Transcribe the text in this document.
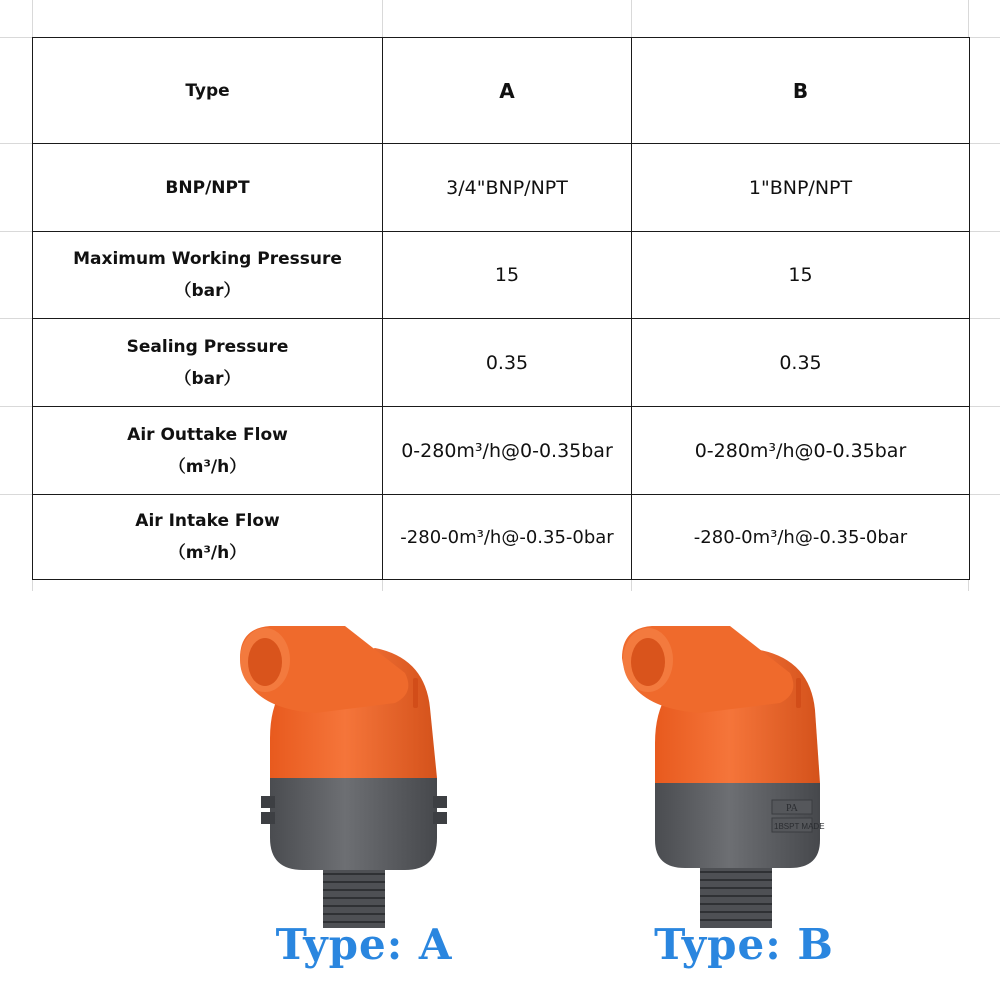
Type	A	B

BNP/NPT	3/4"BNP/NPT	1"BNP/NPT

Maximum Working Pressure
（bar）	15	15

Sealing Pressure
（bar）	0.35	0.35

Air Outtake Flow
（m³/h）	0-280m³/h@0-0.35bar	0-280m³/h@0-0.35bar

Air Intake Flow
（m³/h）	-280-0m³/h@-0.35-0bar	-280-0m³/h@-0.35-0bar
Type: A
PA
1BSPT MADE
Type: B
